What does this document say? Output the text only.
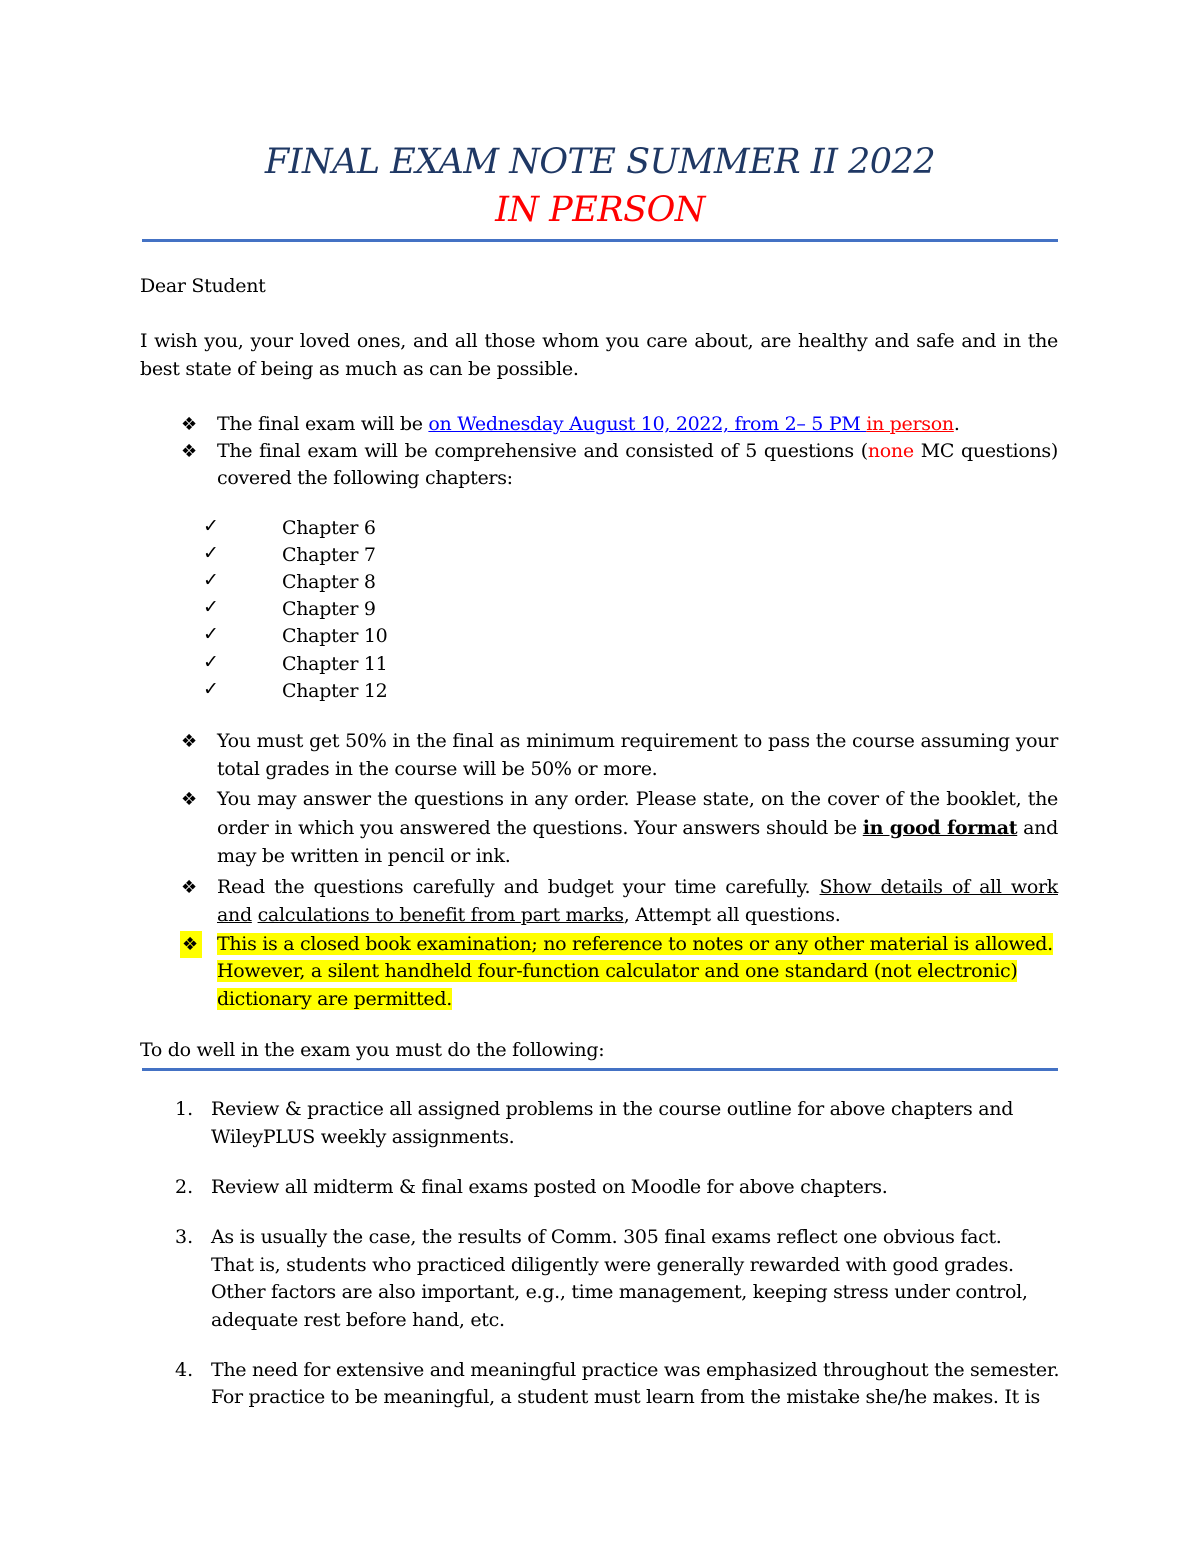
FINAL EXAM NOTE SUMMER II 2022
IN PERSON
Dear Student
I wish you, your loved ones, and all those whom you care about, are healthy and safe and in the
best state of being as much as can be possible.
❖ The final exam will be on Wednesday August 10, 2022, from 2– 5 PM in person.
❖ The final exam will be comprehensive and consisted of 5 questions (none MC questions)
covered the following chapters:
✓	Chapter 6
✓	Chapter 7
✓	Chapter 8
✓	Chapter 9
✓	Chapter 10
✓	Chapter 11
✓	Chapter 12
❖ You must get 50% in the final as minimum requirement to pass the course assuming your
total grades in the course will be 50% or more.
❖ You may answer the questions in any order. Please state, on the cover of the booklet, the
order in which you answered the questions. Your answers should be in good format and
may be written in pencil or ink.
❖ Read the questions carefully and budget your time carefully. Show details of all work
and calculations to benefit from part marks, Attempt all questions.
❖ This is a closed book examination; no reference to notes or any other material is allowed.
However, a silent handheld four-function calculator and one standard (not electronic)
dictionary are permitted.
To do well in the exam you must do the following:
1. Review & practice all assigned problems in the course outline for above chapters and
WileyPLUS weekly assignments.
2. Review all midterm & final exams posted on Moodle for above chapters.
3. As is usually the case, the results of Comm. 305 final exams reflect one obvious fact.
That is, students who practiced diligently were generally rewarded with good grades.
Other factors are also important, e.g., time management, keeping stress under control,
adequate rest before hand, etc.
4. The need for extensive and meaningful practice was emphasized throughout the semester.
For practice to be meaningful, a student must learn from the mistake she/he makes. It is
